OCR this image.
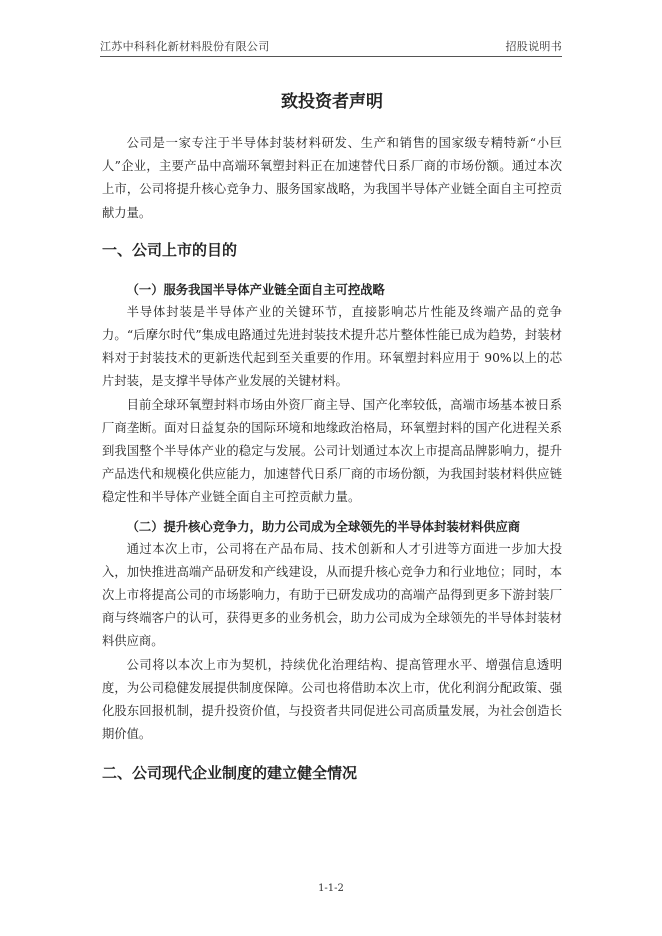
江苏中科科化新材料股份有限公司	招股说明书
致投资者声明

公司是一家专注于半导体封装材料研发、生产和销售的国家级专精特新“小巨人”企业，主要产品中高端环氧塑封料正在加速替代日系厂商的市场份额。通过本次上市，公司将提升核心竞争力、服务国家战略，为我国半导体产业链全面自主可控贡献力量。

一、公司上市的目的
（一）服务我国半导体产业链全面自主可控战略

半导体封装是半导体产业的关键环节，直接影响芯片性能及终端产品的竞争力。“后摩尔时代”集成电路通过先进封装技术提升芯片整体性能已成为趋势，封装材料对于封装技术的更新迭代起到至关重要的作用。环氧塑封料应用于 90%以上的芯片封装，是支撑半导体产业发展的关键材料。

目前全球环氧塑封料市场由外资厂商主导、国产化率较低，高端市场基本被日系厂商垄断。面对日益复杂的国际环境和地缘政治格局，环氧塑封料的国产化进程关系到我国整个半导体产业的稳定与发展。公司计划通过本次上市提高品牌影响力，提升产品迭代和规模化供应能力，加速替代日系厂商的市场份额，为我国封装材料供应链稳定性和半导体产业链全面自主可控贡献力量。

（二）提升核心竞争力，助力公司成为全球领先的半导体封装材料供应商

通过本次上市，公司将在产品布局、技术创新和人才引进等方面进一步加大投入，加快推进高端产品研发和产线建设，从而提升核心竞争力和行业地位；同时，本次上市将提高公司的市场影响力，有助于已研发成功的高端产品得到更多下游封装厂商与终端客户的认可，获得更多的业务机会，助力公司成为全球领先的半导体封装材料供应商。

公司将以本次上市为契机，持续优化治理结构、提高管理水平、增强信息透明度，为公司稳健发展提供制度保障。公司也将借助本次上市，优化利润分配政策、强化股东回报机制，提升投资价值，与投资者共同促进公司高质量发展，为社会创造长期价值。

二、公司现代企业制度的建立健全情况
1-1-2
